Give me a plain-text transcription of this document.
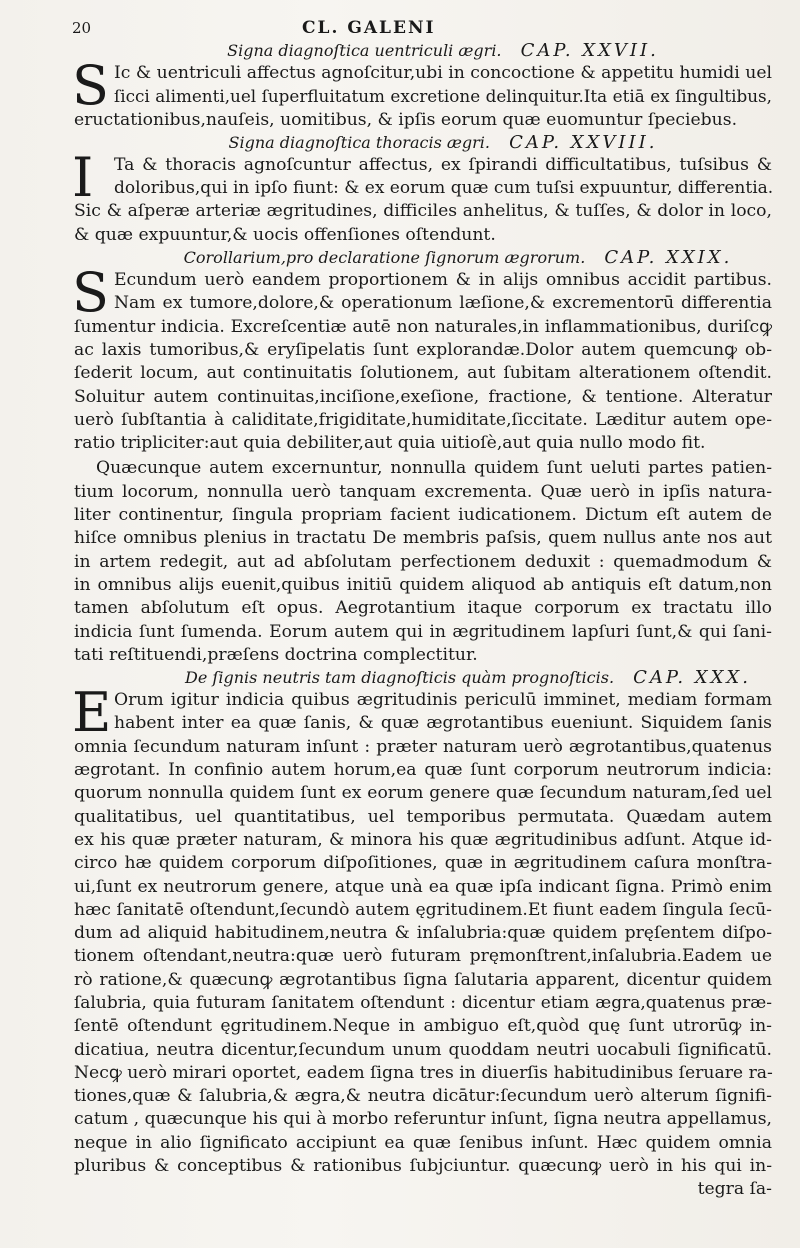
20	CL. GALENI
Signa diagnoſtica uentriculi ægri. CAP. XXVII.
S Ic & uentriculi affectus agnoſcitur,ubi in concoctione & appetitu humidi uel
ſicci alimenti,uel ſuperfluitatum excretione delinquitur.Ita etiā ex ſingultibus,
eructationibus,nauſeis, uomitibus, & ipſis eorum quæ euomuntur ſpeciebus.
Signa diagnoſtica thoracis ægri. CAP. XXVIII.
I	Ta & thoracis agnoſcuntur affectus, ex ſpirandi difficultatibus, tuſsibus &
doloribus,qui in ipſo fiunt: & ex eorum quæ cum tuſsi expuuntur, differentia.
Sic & aſperæ arteriæ ægritudines, difficiles anhelitus, & tuſſes, & dolor in loco,
& quæ expuuntur,& uocis offenſiones oſtendunt.
Corollarium,pro declaratione ſignorum ægrorum. CAP. XXIX.
S Ecundum uerò eandem proportionem & in aliјs omnibus accidit partibus.
Nam ex tumore,dolore,& operationum læſione,& excrementorū differentia
ſumentur indicia. Excreſcentiæ autē non naturales,in inflammationibus, duriſcꝙ
ac laxis tumoribus,& eryſipelatis ſunt explorandæ.Dolor autem quemcunꝙ ob-
ſederit locum, aut continuitatis ſolutionem, aut ſubitam alterationem oſtendit.
Soluitur autem continuitas,inciſione,exeſione, fractione, & tentione. Alteratur
uerò ſubſtantia à caliditate,frigiditate,humiditate,ſiccitate. Læditur autem ope-
ratio tripliciter:aut quia debiliter,aut quia uitioſè,aut quia nullo modo fit.
Quæcunque autem excernuntur, nonnulla quidem ſunt ueluti partes patien-
tium locorum, nonnulla uerò tanquam excrementa. Quæ uerò in ipſis natura-
liter continentur, ſingula propriam facient iudicationem. Dictum eſt autem de
hiſce omnibus plenius in tractatu De membris paſsis, quem nullus ante nos aut
in artem redegit, aut ad abſolutam perfectionem deduxit : quemadmodum &
in omnibus aliјs euenit,quibus initiū quidem aliquod ab antiquis eſt datum,non
tamen abſolutum eſt opus. Aegrotantium itaque corporum ex tractatu illo
indicia ſunt ſumenda. Eorum autem qui in ægritudinem lapſuri ſunt,& qui ſani-
tati reſtituendi,præſens doctrina complectitur.
De ſignis neutris tam diagnoſticis quàm prognoſticis. CAP. XXX.
E Orum igitur indicia quibus ægritudinis periculū imminet, mediam formam
habent inter ea quæ ſanis, & quæ ægrotantibus eueniunt. Siquidem ſanis
omnia ſecundum naturam inſunt : præter naturam uerò ægrotantibus,quatenus
ægrotant. In confinio autem horum,ea quæ ſunt corporum neutrorum indicia:
quorum nonnulla quidem ſunt ex eorum genere quæ ſecundum naturam,ſed uel
qualitatibus, uel quantitatibus, uel temporibus permutata. Quædam autem
ex his quæ præter naturam, & minora his quæ ægritudinibus adſunt. Atque id-
circo hæ quidem corporum diſpoſitiones, quæ in ægritudinem caſura monſtra-
ui,ſunt ex neutrorum genere, atque unà ea quæ ipſa indicant ſigna. Primò enim
hæc ſanitatē oſtendunt,ſecundò autem ęgritudinem.Et fiunt eadem ſingula ſecū-
dum ad aliquid habitudinem,neutra & inſalubria:quæ quidem pręſentem diſpo-
tionem oſtendant,neutra:quæ uerò futuram pręmonſtrent,inſalubria.Eadem ue
rò ratione,& quæcunꝙ ægrotantibus ſigna ſalutaria apparent, dicentur quidem
ſalubria, quia futuram ſanitatem oſtendunt : dicentur etiam ægra,quatenus præ-
ſentē oſtendunt ęgritudinem.Neque in ambiguo eſt,quòd quę ſunt utrorūꝙ in-
dicatiua, neutra dicentur,ſecundum unum quoddam neutri uocabuli ſignificatū.
Necꝙ uerò mirari oportet, eadem ſigna tres in diuerſis habitudinibus ſeruare ra-
tiones,quæ & ſalubria,& ægra,& neutra dicātur:ſecundum uerò alterum ſignifi-
catum , quæcunque his qui à morbo referuntur inſunt, ſigna neutra appellamus,
neque in alio ſignificato accipiunt ea quæ ſenibus inſunt. Hæc quidem omnia
pluribus & conceptibus & rationibus ſubјciuntur. quæcunꝙ uerò in his qui in-
tegra ſa-
